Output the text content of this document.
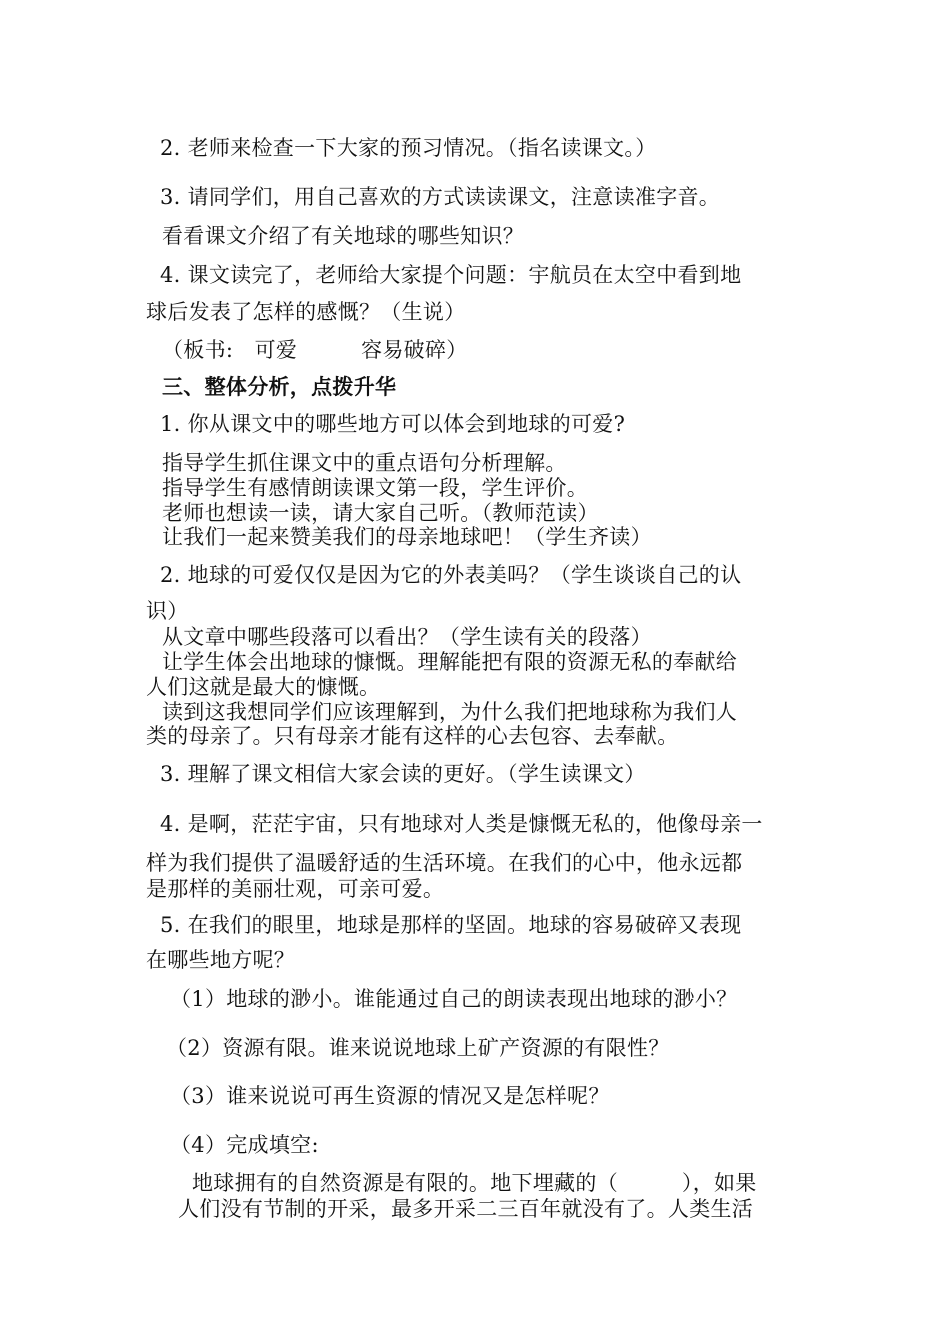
2. 老师来检查一下大家的预习情况。（指名读课文。）
3. 请同学们，用自己喜欢的方式读读课文，注意读准字音。
看看课文介绍了有关地球的哪些知识？
4. 课文读完了，老师给大家提个问题：宇航员在太空中看到地
球后发表了怎样的感慨？（生说）
（板书:　可爱　　　容易破碎）
三、整体分析，点拨升华
1. 你从课文中的哪些地方可以体会到地球的可爱?
指导学生抓住课文中的重点语句分析理解。
指导学生有感情朗读课文第一段，学生评价。
老师也想读一读，请大家自己听。（教师范读）
让我们一起来赞美我们的母亲地球吧！（学生齐读）
2. 地球的可爱仅仅是因为它的外表美吗？（学生谈谈自己的认
识）
从文章中哪些段落可以看出？（学生读有关的段落）
让学生体会出地球的慷慨。理解能把有限的资源无私的奉献给
人们这就是最大的慷慨。
读到这我想同学们应该理解到，为什么我们把地球称为我们人
类的母亲了。只有母亲才能有这样的心去包容、去奉献。
3. 理解了课文相信大家会读的更好。（学生读课文）
4. 是啊，茫茫宇宙，只有地球对人类是慷慨无私的，他像母亲一
样为我们提供了温暖舒适的生活环境。在我们的心中，他永远都
是那样的美丽壮观，可亲可爱。
5. 在我们的眼里，地球是那样的坚固。地球的容易破碎又表现
在哪些地方呢？
（1）地球的渺小。谁能通过自己的朗读表现出地球的渺小？
（2）资源有限。谁来说说地球上矿产资源的有限性？
（3）谁来说说可再生资源的情况又是怎样呢？
（4）完成填空:
地球拥有的自然资源是有限的。地下埋藏的（　　　），如果
人们没有节制的开采，最多开采二三百年就没有了。人类生活
